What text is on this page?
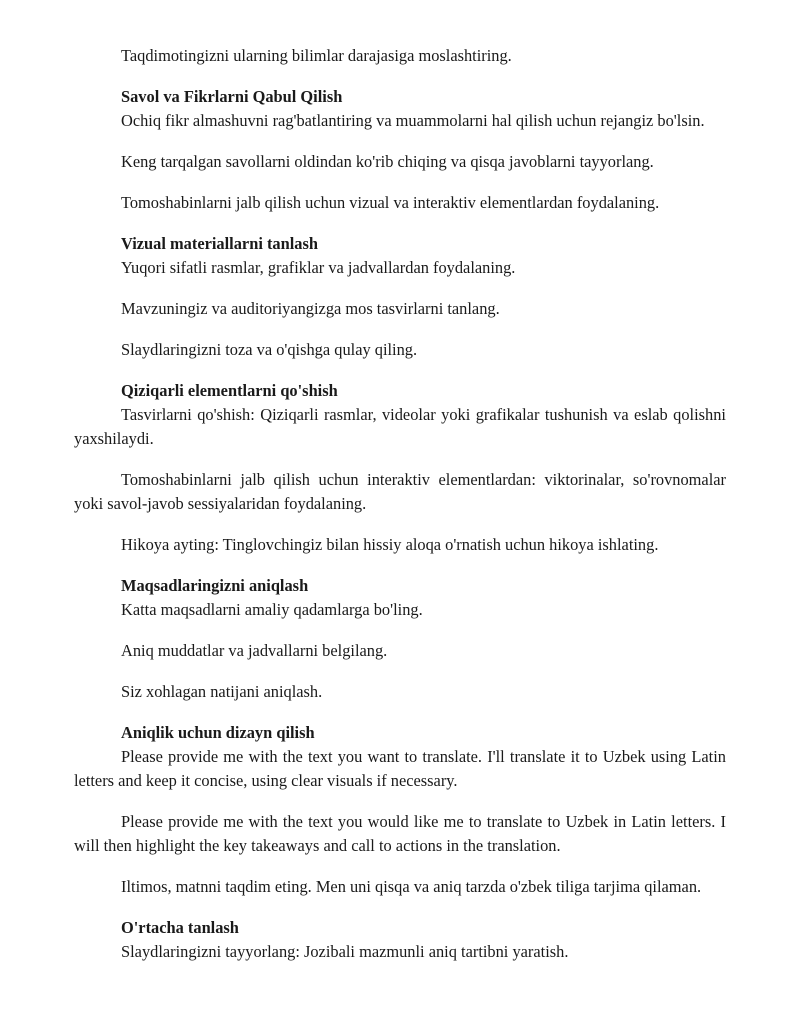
Taqdimotingizni ularning bilimlar darajasiga moslashtiring.

Savol va Fikrlarni Qabul Qilish

Ochiq fikr almashuvni rag'batlantiring va muammolarni hal qilish uchun rejangiz bo'lsin.

Keng tarqalgan savollarni oldindan ko'rib chiqing va qisqa javoblarni tayyorlang.

Tomoshabinlarni jalb qilish uchun vizual va interaktiv elementlardan foydalaning.

Vizual materiallarni tanlash

Yuqori sifatli rasmlar, grafiklar va jadvallardan foydalaning.

Mavzuningiz va auditoriyangizga mos tasvirlarni tanlang.

Slaydlaringizni toza va o'qishga qulay qiling.

Qiziqarli elementlarni qo'shish

Tasvirlarni qo'shish: Qiziqarli rasmlar, videolar yoki grafikalar tushunish va eslab qolishni yaxshilaydi.

Tomoshabinlarni jalb qilish uchun interaktiv elementlardan: viktorinalar, so'rovnomalar yoki savol-javob sessiyalaridan foydalaning.

Hikoya ayting: Tinglovchingiz bilan hissiy aloqa o'rnatish uchun hikoya ishlating.

Maqsadlaringizni aniqlash

Katta maqsadlarni amaliy qadamlarga bo'ling.

Aniq muddatlar va jadvallarni belgilang.

Siz xohlagan natijani aniqlash.

Aniqlik uchun dizayn qilish

Please provide me with the text you want to translate. I'll translate it to Uzbek using Latin letters and keep it concise, using clear visuals if necessary.

Please provide me with the text you would like me to translate to Uzbek in Latin letters. I will then highlight the key takeaways and call to actions in the translation.

Iltimos, matnni taqdim eting. Men uni qisqa va aniq tarzda o'zbek tiliga tarjima qilaman.

O'rtacha tanlash

Slaydlaringizni tayyorlang: Jozibali mazmunli aniq tartibni yaratish.
